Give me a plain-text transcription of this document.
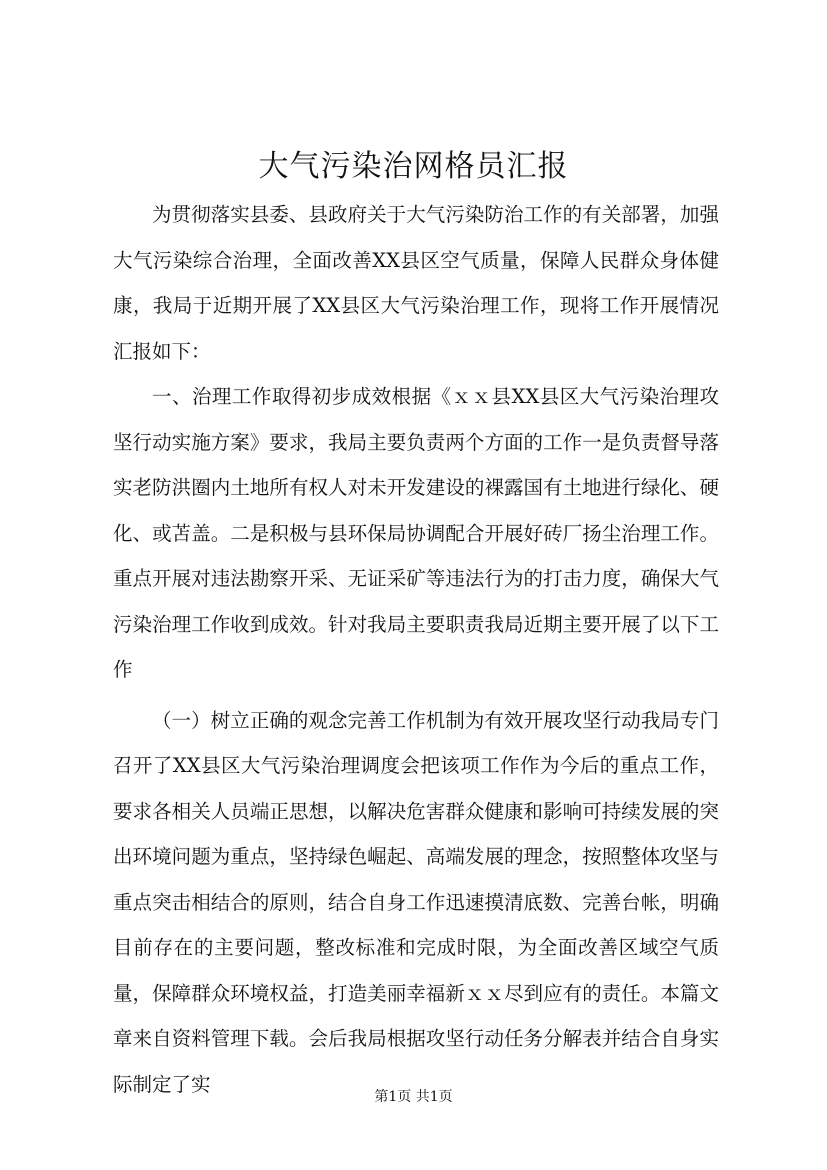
大气污染治网格员汇报

为贯彻落实县委、县政府关于大气污染防治工作的有关部署，加强大气污染综合治理，全面改善XX县区空气质量，保障人民群众身体健康，我局于近期开展了XX县区大气污染治理工作，现将工作开展情况汇报如下：

一、治理工作取得初步成效根据《ｘｘ县XX县区大气污染治理攻坚行动实施方案》要求，我局主要负责两个方面的工作一是负责督导落实老防洪圈内土地所有权人对未开发建设的裸露国有土地进行绿化、硬化、或苫盖。二是积极与县环保局协调配合开展好砖厂扬尘治理工作。重点开展对违法勘察开采、无证采矿等违法行为的打击力度，确保大气污染治理工作收到成效。针对我局主要职责我局近期主要开展了以下工作

（一）树立正确的观念完善工作机制为有效开展攻坚行动我局专门召开了XX县区大气污染治理调度会把该项工作作为今后的重点工作，要求各相关人员端正思想，以解决危害群众健康和影响可持续发展的突出环境问题为重点，坚持绿色崛起、高端发展的理念，按照整体攻坚与重点突击相结合的原则，结合自身工作迅速摸清底数、完善台帐，明确目前存在的主要问题，整改标准和完成时限，为全面改善区域空气质量，保障群众环境权益，打造美丽幸福新ｘｘ尽到应有的责任。本篇文章来自资料管理下载。会后我局根据攻坚行动任务分解表并结合自身实际制定了实

第1页 共1页
